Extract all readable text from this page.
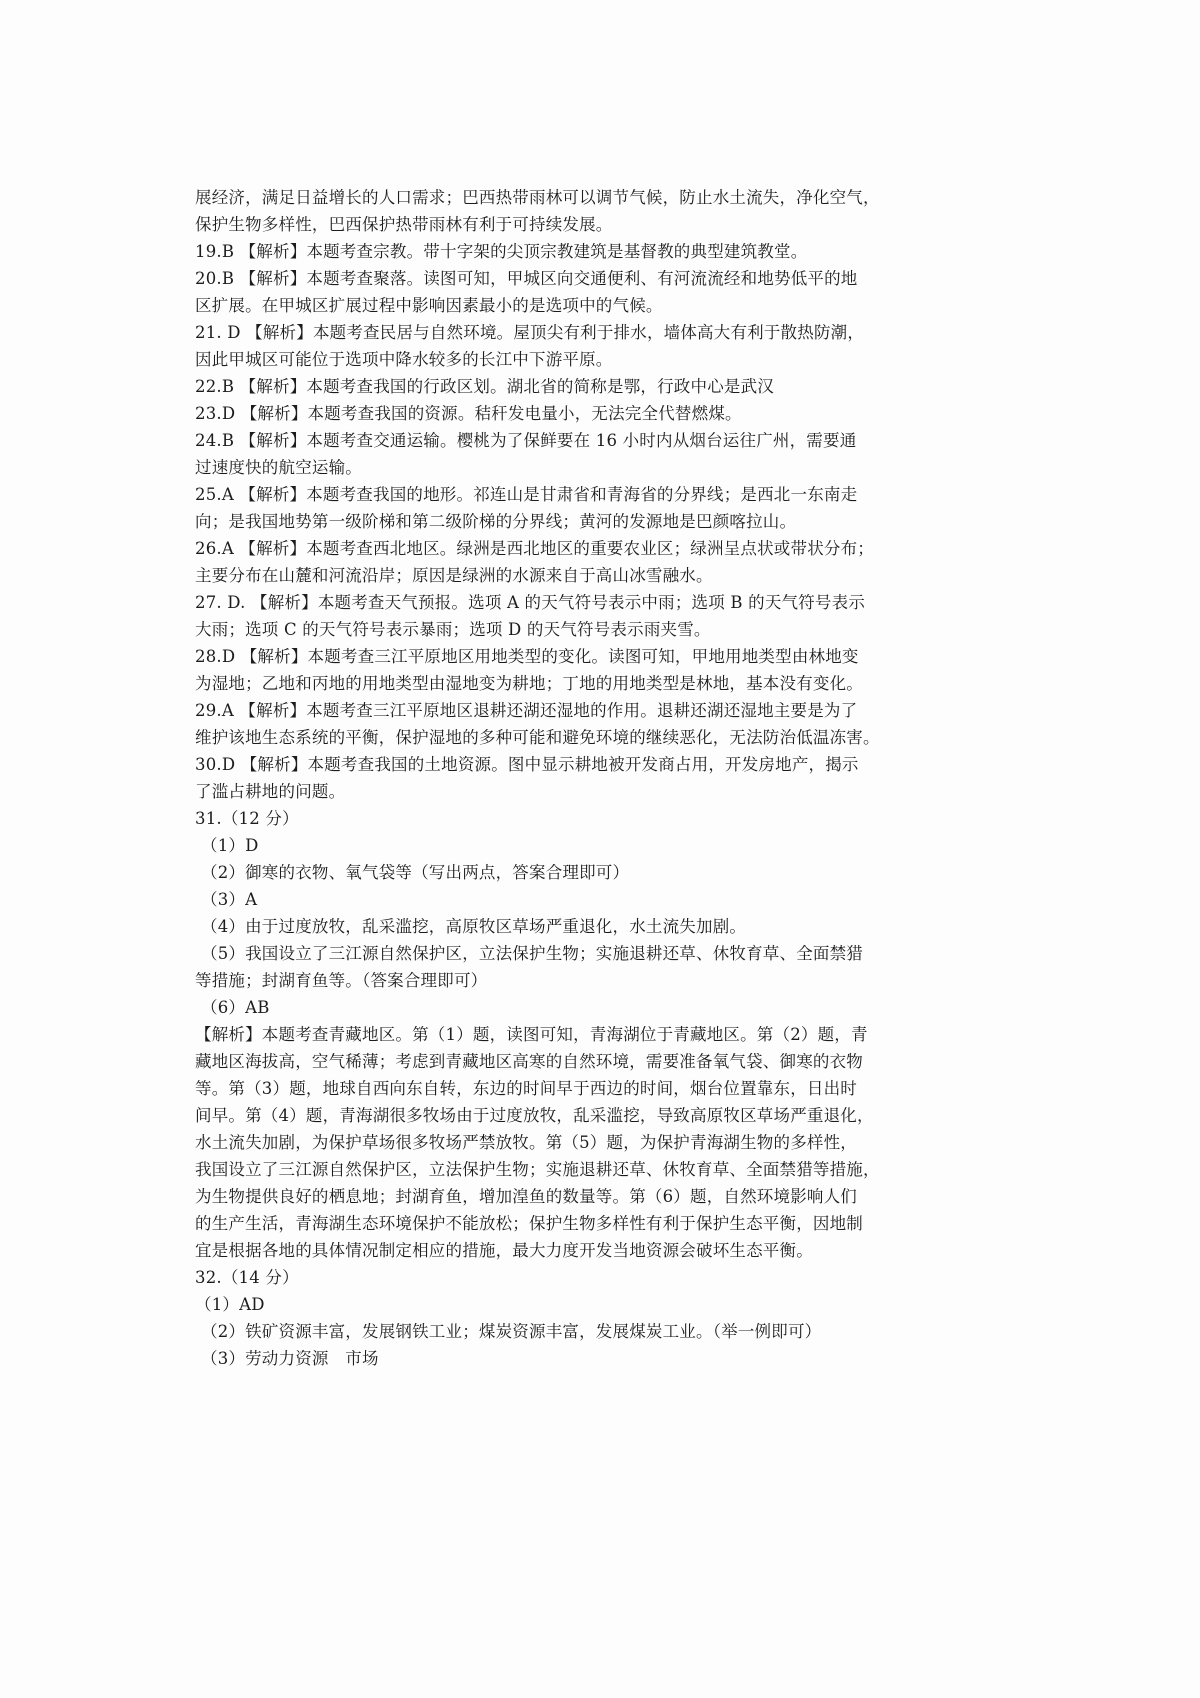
展经济，满足日益增长的人口需求；巴西热带雨林可以调节气候，防止水土流失，净化空气，
保护生物多样性，巴西保护热带雨林有利于可持续发展。
19.B 【解析】本题考查宗教。带十字架的尖顶宗教建筑是基督教的典型建筑教堂。
20.B 【解析】本题考查聚落。读图可知，甲城区向交通便利、有河流流经和地势低平的地
区扩展。在甲城区扩展过程中影响因素最小的是选项中的气候。
21. D 【解析】本题考查民居与自然环境。屋顶尖有利于排水，墙体高大有利于散热防潮，
因此甲城区可能位于选项中降水较多的长江中下游平原。
22.B 【解析】本题考查我国的行政区划。湖北省的简称是鄂，行政中心是武汉
23.D 【解析】本题考查我国的资源。秸秆发电量小，无法完全代替燃煤。
24.B 【解析】本题考查交通运输。樱桃为了保鲜要在 16 小时内从烟台运往广州，需要通
过速度快的航空运输。
25.A 【解析】本题考查我国的地形。祁连山是甘肃省和青海省的分界线；是西北一东南走
向；是我国地势第一级阶梯和第二级阶梯的分界线；黄河的发源地是巴颜喀拉山。
26.A 【解析】本题考查西北地区。绿洲是西北地区的重要农业区；绿洲呈点状或带状分布；
主要分布在山麓和河流沿岸；原因是绿洲的水源来自于高山冰雪融水。
27. D. 【解析】本题考查天气预报。选项 A 的天气符号表示中雨；选项 B 的天气符号表示
大雨；选项 C 的天气符号表示暴雨；选项 D 的天气符号表示雨夹雪。
28.D 【解析】本题考查三江平原地区用地类型的变化。读图可知，甲地用地类型由林地变
为湿地；乙地和丙地的用地类型由湿地变为耕地；丁地的用地类型是林地，基本没有变化。
29.A 【解析】本题考查三江平原地区退耕还湖还湿地的作用。退耕还湖还湿地主要是为了
维护该地生态系统的平衡，保护湿地的多种可能和避免环境的继续恶化，无法防治低温冻害。
30.D 【解析】本题考查我国的土地资源。图中显示耕地被开发商占用，开发房地产，揭示
了滥占耕地的问题。
31.（12 分）
（1）D
（2）御寒的衣物、氧气袋等（写出两点，答案合理即可）
（3）A
（4）由于过度放牧，乱采滥挖，高原牧区草场严重退化，水土流失加剧。
（5）我国设立了三江源自然保护区，立法保护生物；实施退耕还草、休牧育草、全面禁猎
等措施；封湖育鱼等。（答案合理即可）
（6）AB
【解析】本题考查青藏地区。第（1）题，读图可知，青海湖位于青藏地区。第（2）题，青
藏地区海拔高，空气稀薄；考虑到青藏地区高寒的自然环境，需要准备氧气袋、御寒的衣物
等。第（3）题，地球自西向东自转，东边的时间早于西边的时间，烟台位置靠东，日出时
间早。第（4）题，青海湖很多牧场由于过度放牧，乱采滥挖，导致高原牧区草场严重退化，
水土流失加剧，为保护草场很多牧场严禁放牧。第（5）题，为保护青海湖生物的多样性，
我国设立了三江源自然保护区，立法保护生物；实施退耕还草、休牧育草、全面禁猎等措施，
为生物提供良好的栖息地；封湖育鱼，增加湟鱼的数量等。第（6）题，自然环境影响人们
的生产生活，青海湖生态环境保护不能放松；保护生物多样性有利于保护生态平衡，因地制
宜是根据各地的具体情况制定相应的措施，最大力度开发当地资源会破坏生态平衡。
32.（14 分）
（1）AD
（2）铁矿资源丰富，发展钢铁工业；煤炭资源丰富，发展煤炭工业。（举一例即可）
（3）劳动力资源　市场
